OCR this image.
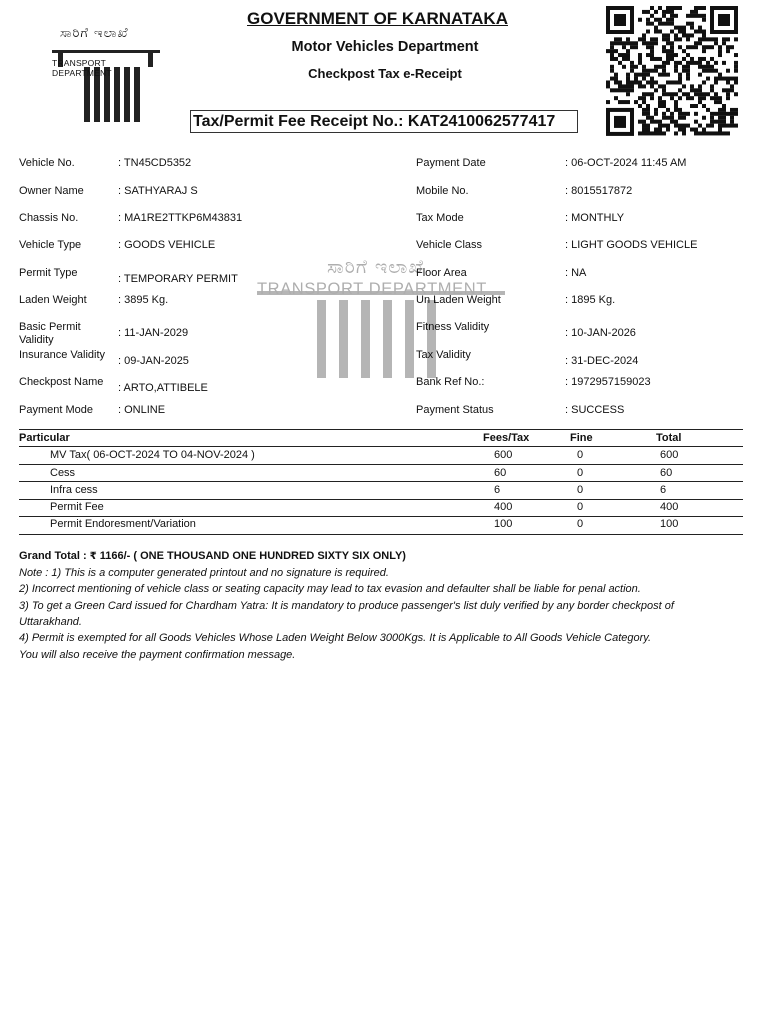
ಸಾರಿಗೆ ಇಲಾಖೆ
TRANSPORT DEPARTMENT
GOVERNMENT OF KARNATAKA
Motor Vehicles Department
Checkpost Tax e-Receipt
Tax/Permit Fee Receipt No.: KAT2410062577417
ಸಾರಿಗೆ ಇಲಾಖೆ
TRANSPORT DEPARTMENT
Vehicle No.	: TN45CD5352
Owner Name	: SATHYARAJ S
Chassis No.	: MA1RE2TTKP6M43831
Vehicle Type	: GOODS VEHICLE
Permit Type	: TEMPORARY PERMIT
Laden Weight	: 3895 Kg.
Basic Permit Validity
: 11-JAN-2029
Insurance Validity : 09-JAN-2025
Checkpost Name : ARTO,ATTIBELE
Payment Mode : ONLINE
Payment Date	: 06-OCT-2024 11:45 AM
Mobile No.	: 8015517872
Tax Mode	: MONTHLY
Vehicle Class	: LIGHT GOODS VEHICLE
Floor Area	: NA
Un Laden Weight	: 1895 Kg.
Fitness Validity	: 10-JAN-2026
Tax Validity	: 31-DEC-2024
Bank Ref No.:	: 1972957159023
Payment Status	: SUCCESS
Particular	Fees/Tax	Fine	Total
MV Tax( 06-OCT-2024 TO 04-NOV-2024 )	600	0	600
Cess	60	0	60
Infra cess	6	0	6
Permit Fee	400	0	400
Permit Endoresment/Variation	100	0	100
Grand Total : ₹ 1166/- ( ONE THOUSAND ONE HUNDRED SIXTY SIX ONLY)
Note : 1) This is a computer generated printout and no signature is required.
2) Incorrect mentioning of vehicle class or seating capacity may lead to tax evasion and defaulter shall be liable for penal action.
3) To get a Green Card issued for Chardham Yatra: It is mandatory to produce passenger's list duly verified by any border checkpost of
Uttarakhand.
4) Permit is exempted for all Goods Vehicles Whose Laden Weight Below 3000Kgs. It is Applicable to All Goods Vehicle Category.
You will also receive the payment confirmation message.
